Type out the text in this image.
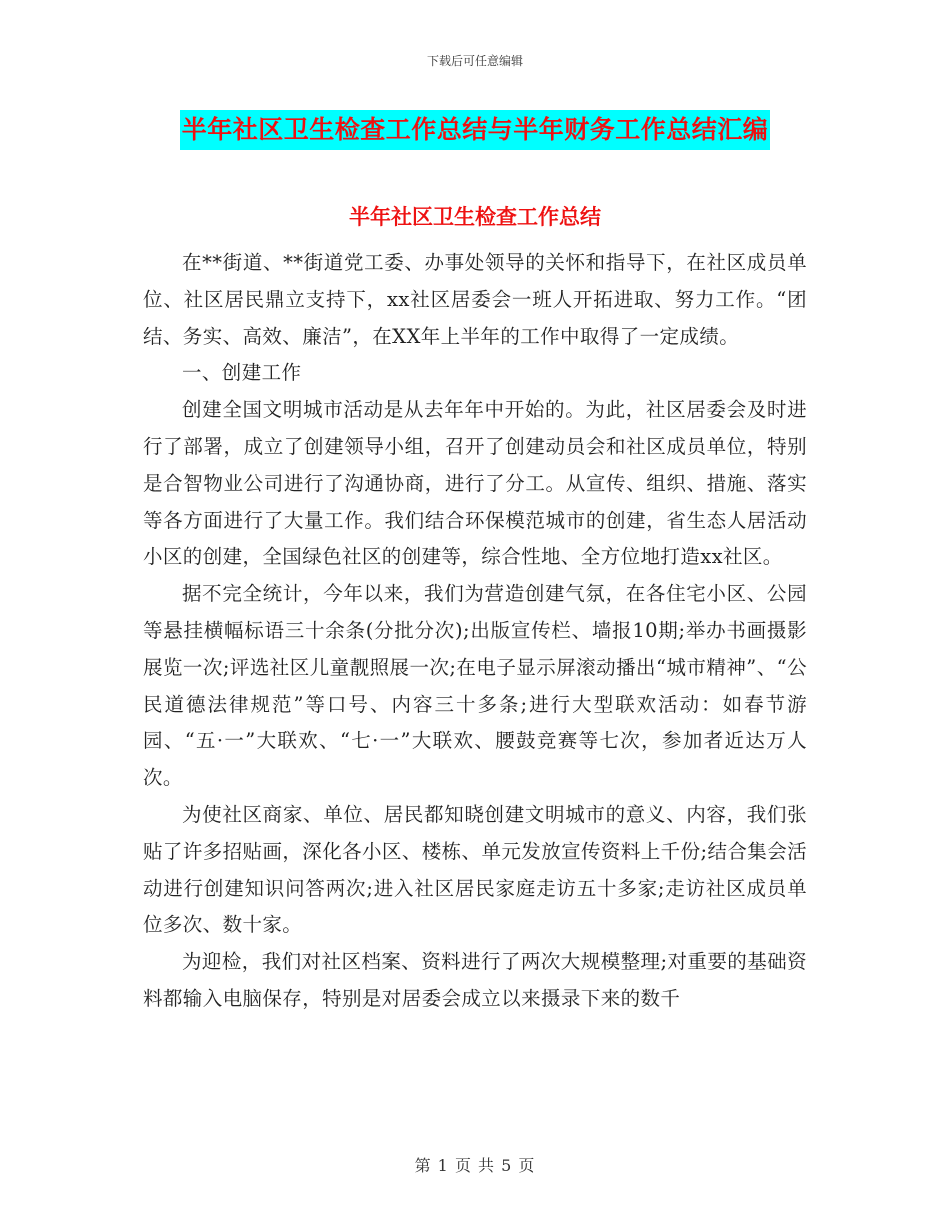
下载后可任意编辑
半年社区卫生检查工作总结与半年财务工作总结汇编
半年社区卫生检查工作总结

在**街道、**街道党工委、办事处领导的关怀和指导下，在社区成员单位、社区居民鼎立支持下，xx社区居委会一班人开拓进取、努力工作。“团结、务实、高效、廉洁”，在XX年上半年的工作中取得了一定成绩。

一、创建工作

创建全国文明城市活动是从去年年中开始的。为此，社区居委会及时进行了部署，成立了创建领导小组，召开了创建动员会和社区成员单位，特别是合智物业公司进行了沟通协商，进行了分工。从宣传、组织、措施、落实等各方面进行了大量工作。我们结合环保模范城市的创建，省生态人居活动小区的创建，全国绿色社区的创建等，综合性地、全方位地打造xx社区。

据不完全统计，今年以来，我们为营造创建气氛，在各住宅小区、公园等悬挂横幅标语三十余条(分批分次);出版宣传栏、墙报10期;举办书画摄影展览一次;评选社区儿童靓照展一次;在电子显示屏滚动播出“城市精神”、“公民道德法律规范”等口号、内容三十多条;进行大型联欢活动：如春节游园、“五·一”大联欢、“七·一”大联欢、腰鼓竞赛等七次，参加者近达万人次。

为使社区商家、单位、居民都知晓创建文明城市的意义、内容，我们张贴了许多招贴画，深化各小区、楼栋、单元发放宣传资料上千份;结合集会活动进行创建知识问答两次;进入社区居民家庭走访五十多家;走访社区成员单位多次、数十家。

为迎检，我们对社区档案、资料进行了两次大规模整理;对重要的基础资料都输入电脑保存，特别是对居委会成立以来摄录下来的数千

第 1 页 共 5 页
